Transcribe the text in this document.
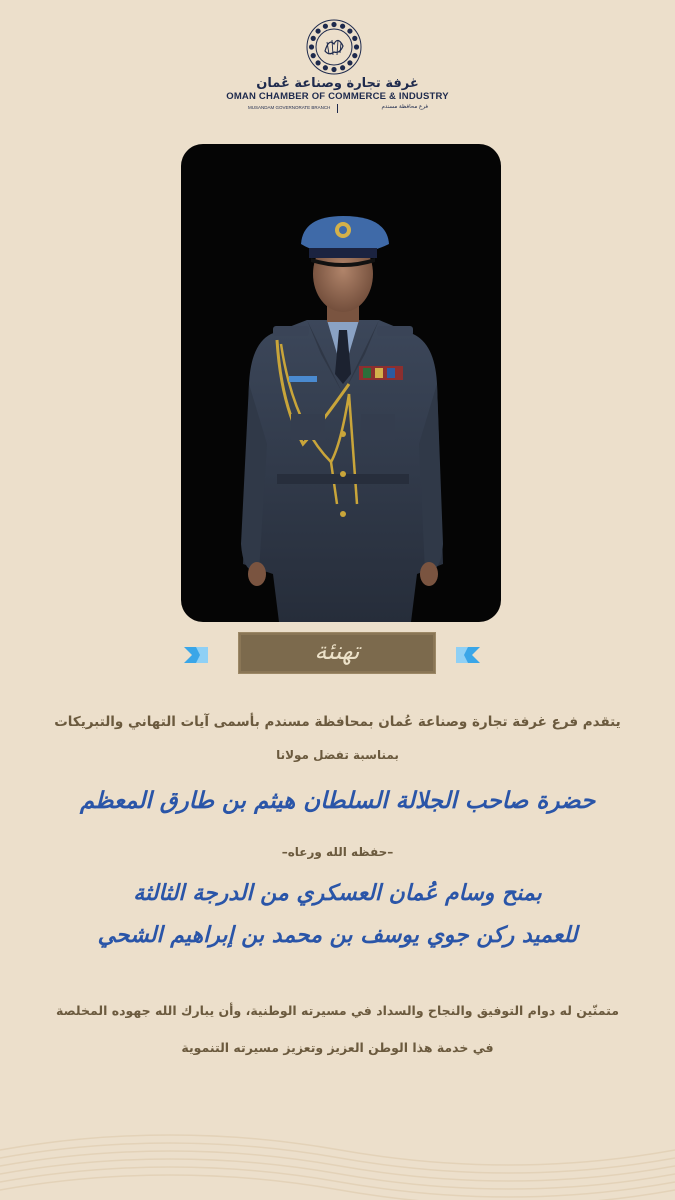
غرفة تجارة وصناعة عُمان
OMAN CHAMBER OF COMMERCE & INDUSTRY
MUSANDAM GOVERNORATE BRANCH	فرع محافظة مسندم
تهنئة
يتقدم فرع غرفة تجارة وصناعة عُمان بمحافظة مسندم بأسمى آيات التهاني والتبريكات
بمناسبة تفضل مولانا
حضرة صاحب الجلالة السلطان هيثم بن طارق المعظم
–حفظه الله ورعاه–
بمنح وسام عُمان العسكري من الدرجة الثالثة
للعميد ركن جوي يوسف بن محمد بن إبراهيم الشحي
متمنّين له دوام التوفيق والنجاح والسداد في مسيرته الوطنية، وأن يبارك الله جهوده المخلصة
في خدمة هذا الوطن العزيز وتعزيز مسيرته التنموية
